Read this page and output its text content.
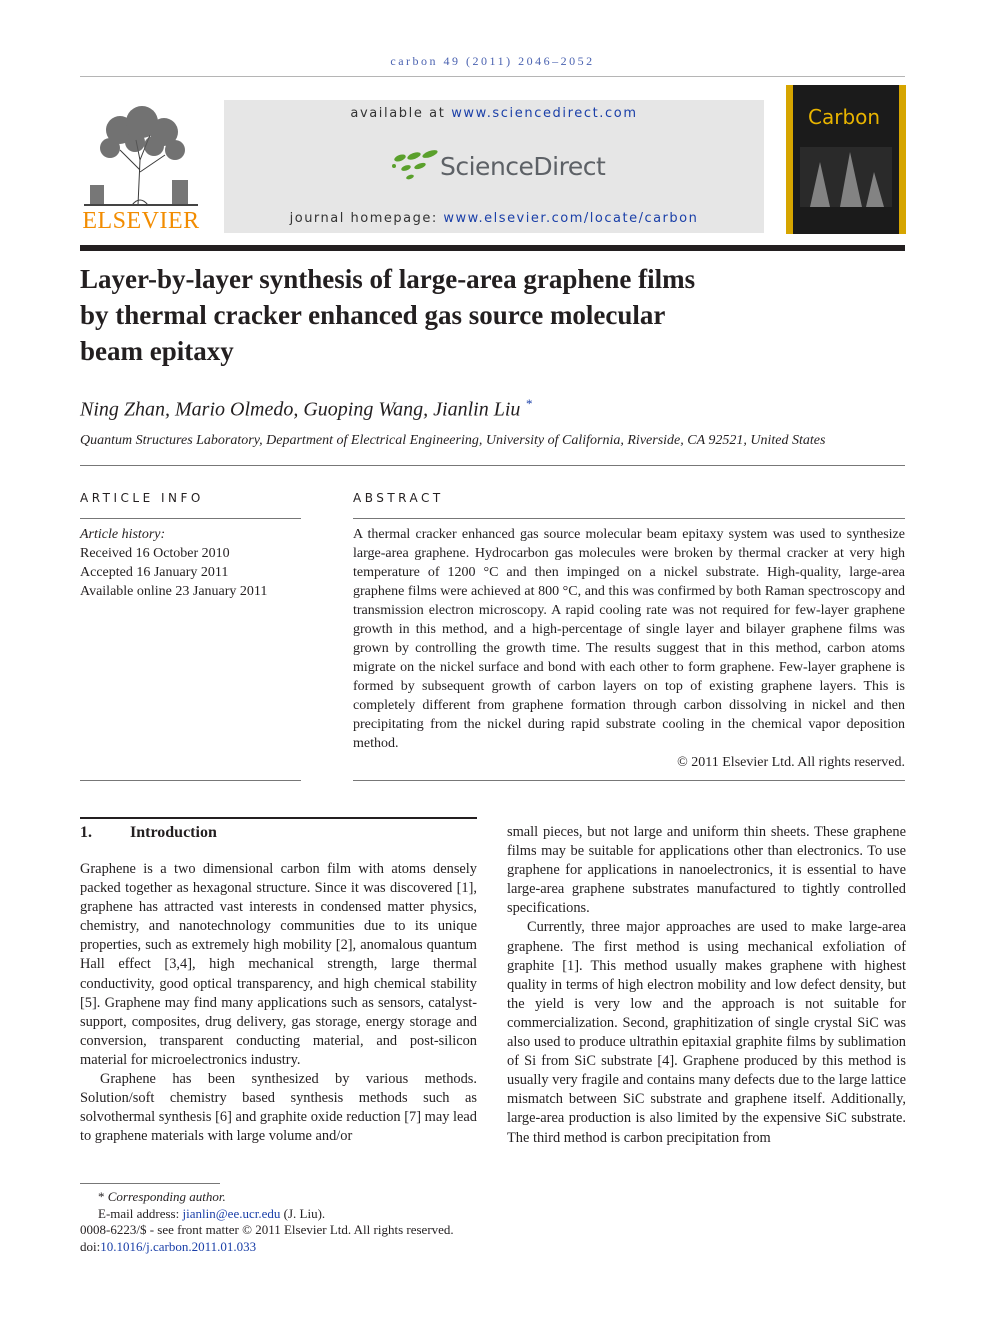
carbon 49 (2011) 2046–2052
ELSEVIER
available at www.sciencedirect.com
ScienceDirect
journal homepage: www.elsevier.com/locate/carbon
Carbon
Layer-by-layer synthesis of large-area graphene films
by thermal cracker enhanced gas source molecular
beam epitaxy
Ning Zhan, Mario Olmedo, Guoping Wang, Jianlin Liu *
Quantum Structures Laboratory, Department of Electrical Engineering, University of California, Riverside, CA 92521, United States
ARTICLE INFO
Article history:
Received 16 October 2010
Accepted 16 January 2011
Available online 23 January 2011
ABSTRACT
A thermal cracker enhanced gas source molecular beam epitaxy system was used to synthesize large-area graphene. Hydrocarbon gas molecules were broken by thermal cracker at very high temperature of 1200 °C and then impinged on a nickel substrate. High-quality, large-area graphene films were achieved at 800 °C, and this was confirmed by both Raman spectroscopy and transmission electron microscopy. A rapid cooling rate was not required for few-layer graphene growth in this method, and a high-percentage of single layer and bilayer graphene films was grown by controlling the growth time. The results suggest that in this method, carbon atoms migrate on the nickel surface and bond with each other to form graphene. Few-layer graphene is formed by subsequent growth of carbon layers on top of existing graphene layers. This is completely different from graphene formation through carbon dissolving in nickel and then precipitating from the nickel during rapid substrate cooling in the chemical vapor deposition method.
© 2011 Elsevier Ltd. All rights reserved.
1. Introduction

Graphene is a two dimensional carbon film with atoms densely packed together as hexagonal structure. Since it was discovered [1], graphene has attracted vast interests in condensed matter physics, chemistry, and nanotechnology communities due to its unique properties, such as extremely high mobility [2], anomalous quantum Hall effect [3,4], high mechanical strength, large thermal conductivity, good optical transparency, and high chemical stability [5]. Graphene may find many applications such as sensors, catalyst-support, composites, drug delivery, gas storage, energy storage and conversion, transparent conducting material, and post-silicon material for microelectronics industry.

Graphene has been synthesized by various methods. Solution/soft chemistry based synthesis methods such as solvothermal synthesis [6] and graphite oxide reduction [7] may lead to graphene materials with large volume and/or

small pieces, but not large and uniform thin sheets. These graphene films may be suitable for applications other than electronics. To use graphene for applications in nanoelectronics, it is essential to have large-area graphene substrates manufactured to tightly controlled specifications.

Currently, three major approaches are used to make large-area graphene. The first method is using mechanical exfoliation of graphite [1]. This method usually makes graphene with highest quality in terms of high electron mobility and low defect density, but the yield is very low and the approach is not suitable for commercialization. Second, graphitization of single crystal SiC was also used to produce ultrathin epitaxial graphite films by sublimation of Si from SiC substrate [4]. Graphene produced by this method is usually very fragile and contains many defects due to the large lattice mismatch between SiC substrate and graphene itself. Additionally, large-area production is also limited by the expensive SiC substrate. The third method is carbon precipitation from

* Corresponding author.
E-mail address: jianlin@ee.ucr.edu (J. Liu).
0008-6223/$ - see front matter © 2011 Elsevier Ltd. All rights reserved.
doi:10.1016/j.carbon.2011.01.033
